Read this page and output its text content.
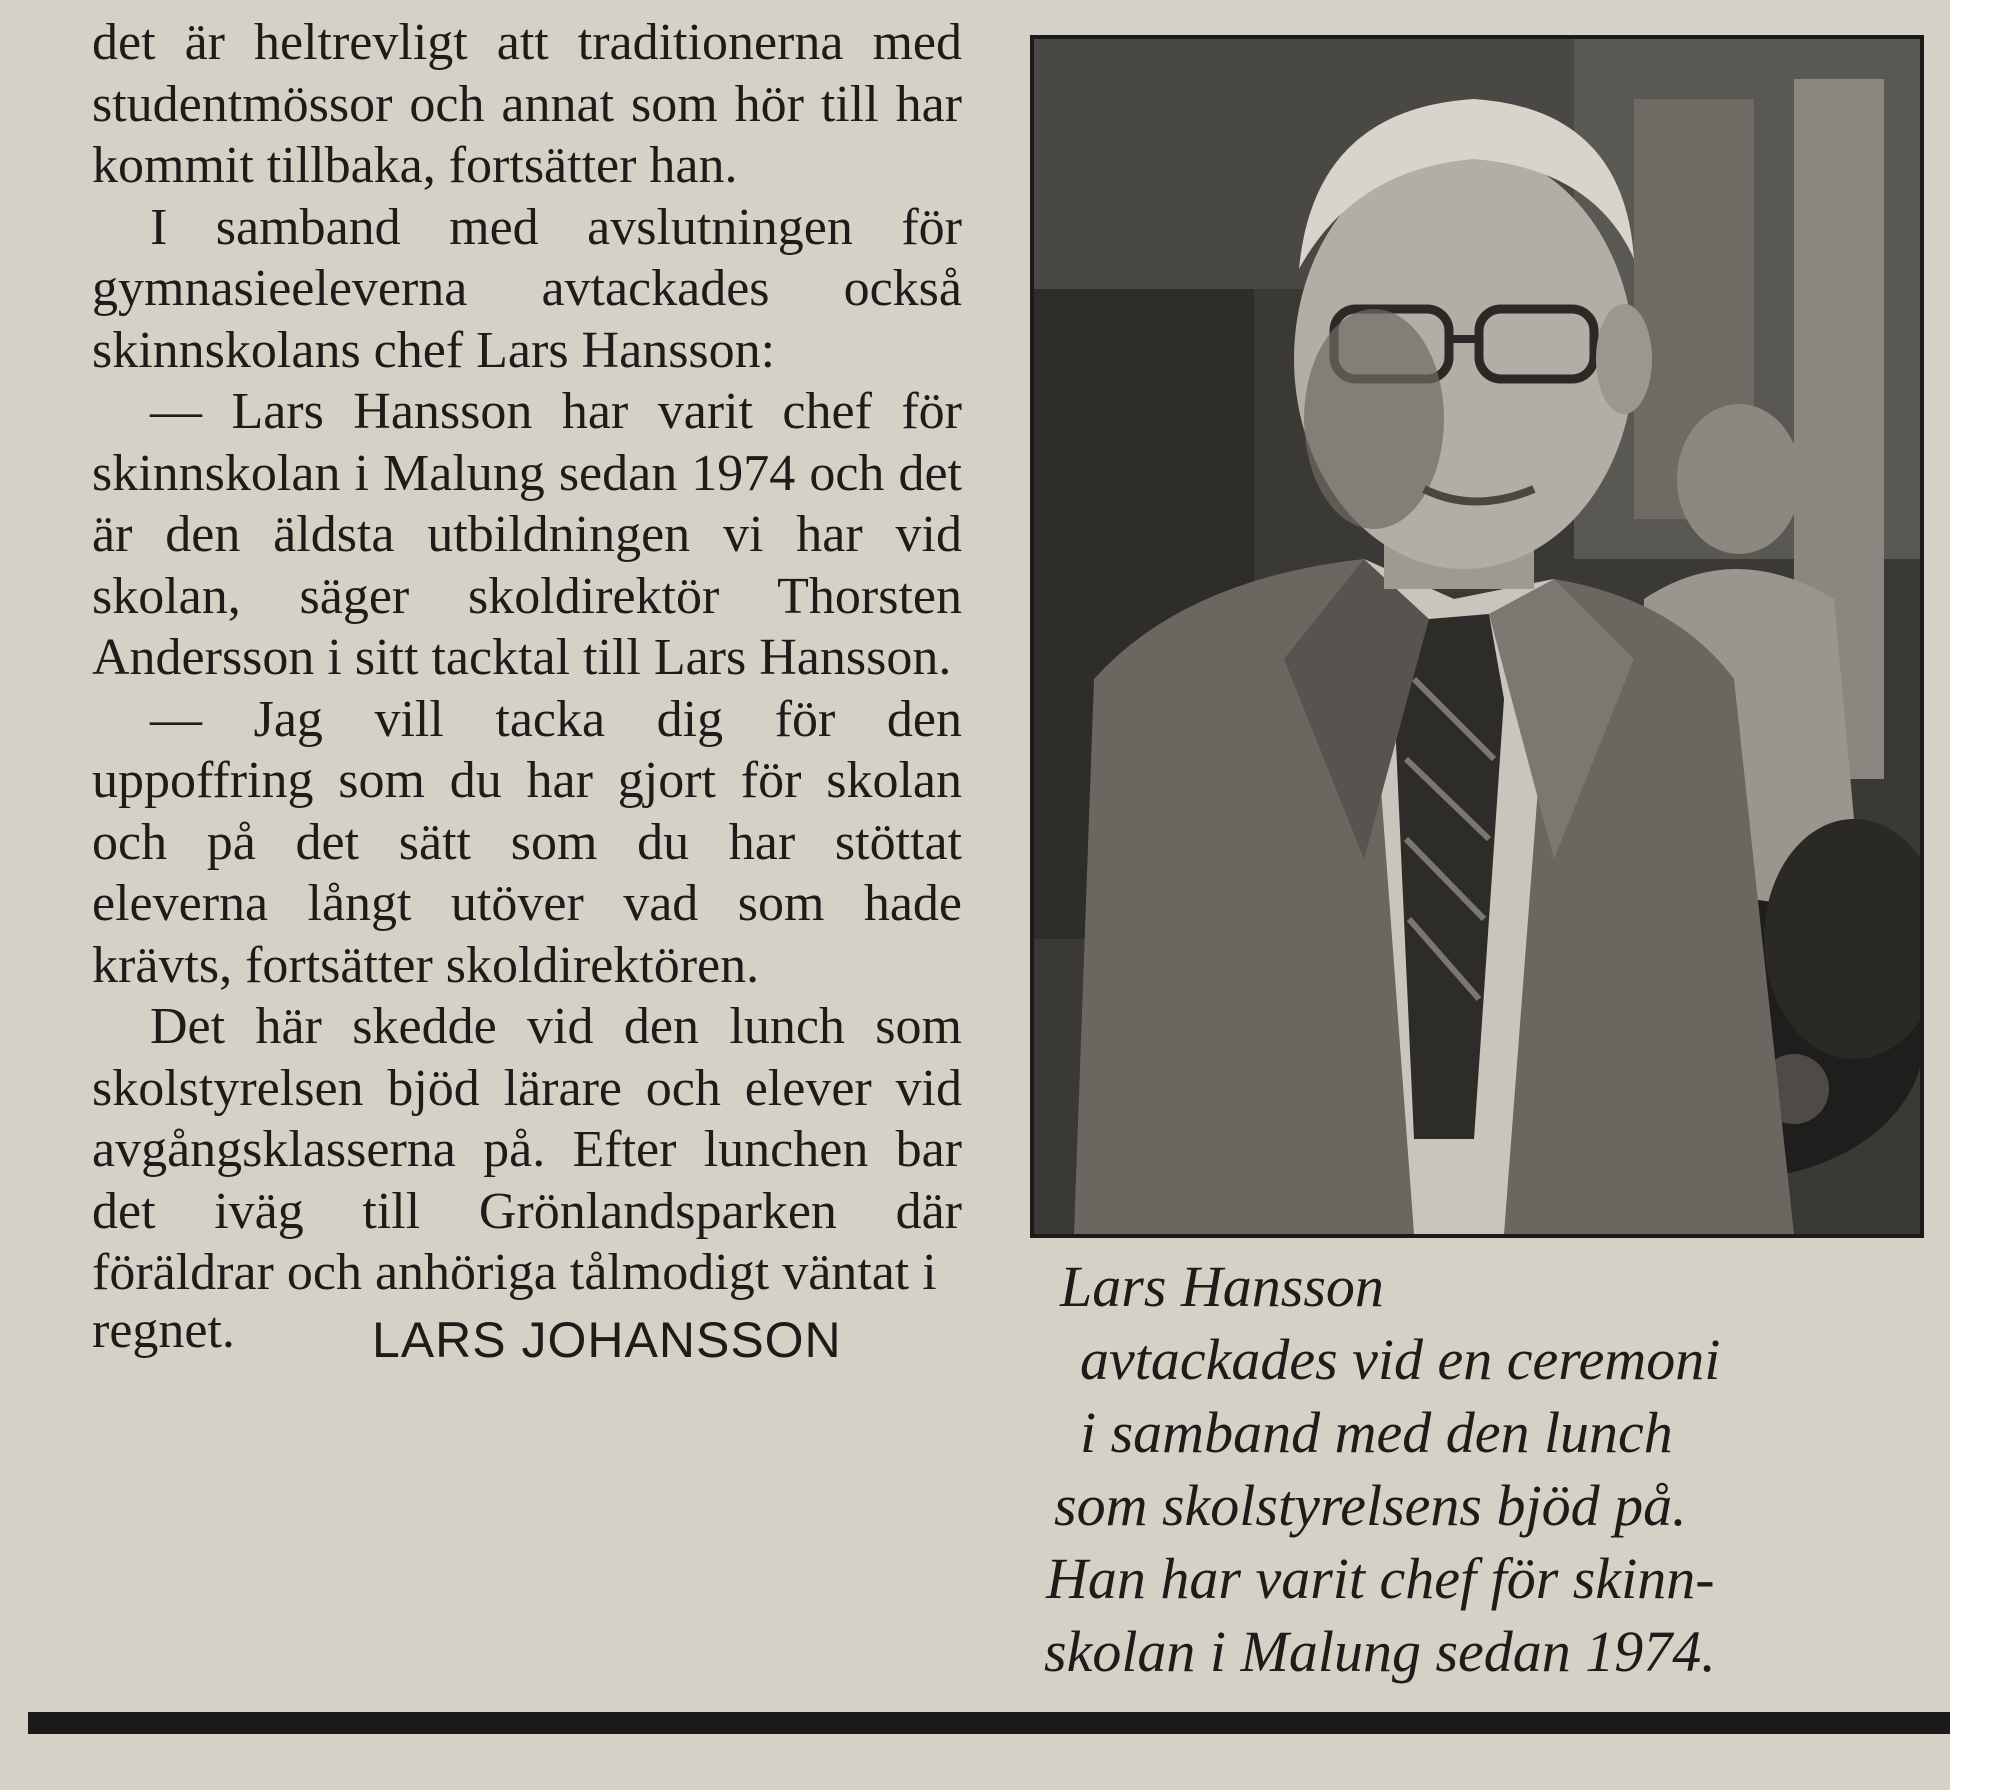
det är heltrevligt att traditionerna med studentmössor och annat som hör till har kommit tillbaka, fortsätter han.

I samband med avslutningen för gymnasieeleverna avtackades också skinnskolans chef Lars Hansson:

— Lars Hansson har varit chef för skinnskolan i Malung sedan 1974 och det är den äldsta utbildningen vi har vid skolan, säger skoldirektör Thorsten Andersson i sitt tacktal till Lars Hansson.

— Jag vill tacka dig för den uppoffring som du har gjort för skolan och på det sätt som du har stöttat eleverna långt utöver vad som hade krävts, fortsätter skoldirektören.

Det här skedde vid den lunch som skolstyrelsen bjöd lärare och elever vid avgångsklasserna på. Efter lunchen bar det iväg till Grönlandsparken där föräldrar och anhöriga tålmodigt väntat i

regnet.	LARS JOHANSSON
Lars Hansson
avtackades vid en ceremoni
i samband med den lunch
som skolstyrelsens bjöd på.
Han har varit chef för skinn-
skolan i Malung sedan 1974.
